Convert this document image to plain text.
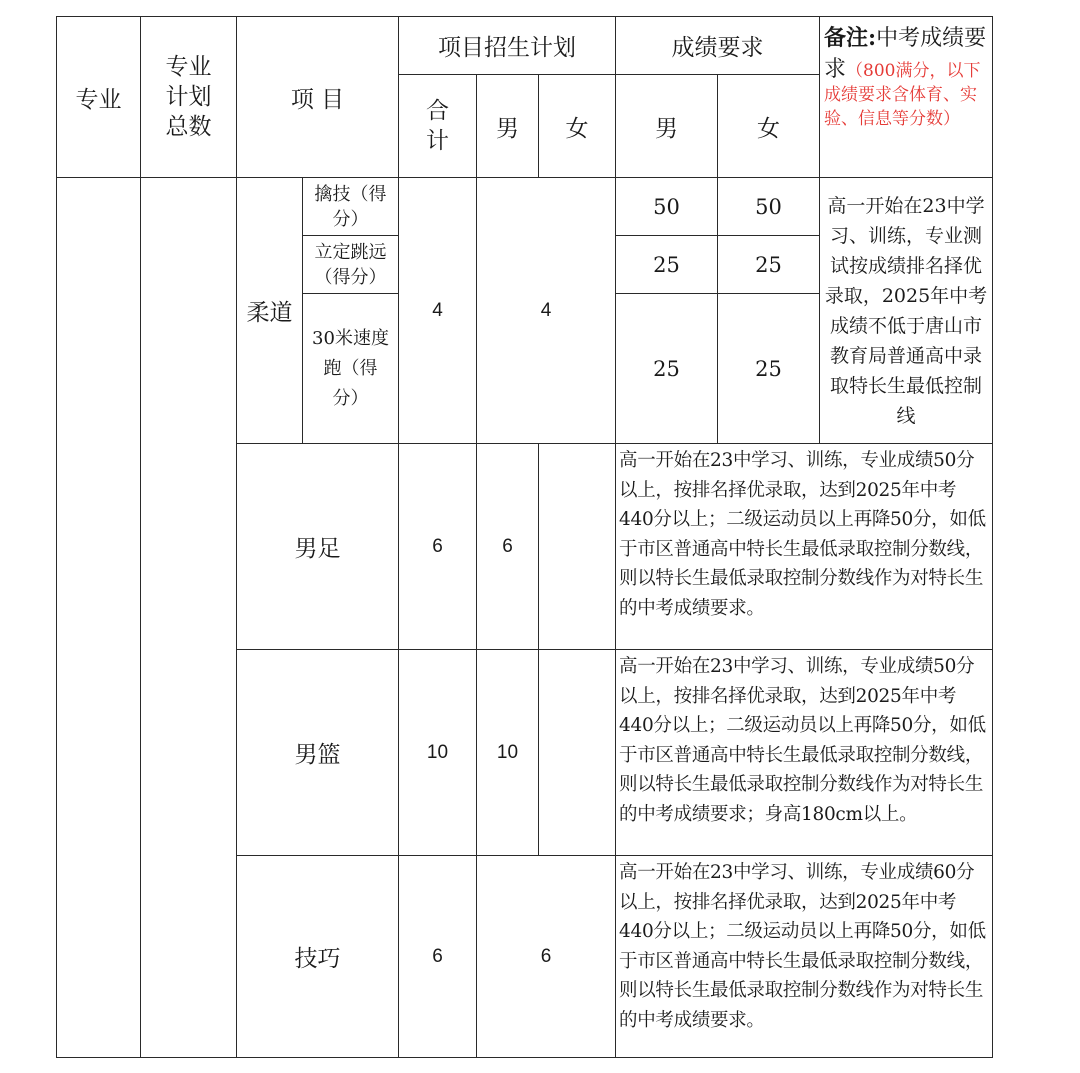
专业	专业计划总数	项 目		项目招生计划			成绩要求		备注:中考成绩要求（800满分，以下成绩要求含体育、实验、信息等分数）

				合计	男	女	男	女	
		柔道	擒技（得分）	4	4		50	50	高一开始在23中学习、训练，专业测试按成绩排名择优录取，2025年中考成绩不低于唐山市教育局普通高中录取特长生最低控制线

			立定跳远（得分）				25	25	

			30米速度跑（得分）				25	25	
		男足		6	6		高一开始在23中学习、训练，专业成绩50分以上，按排名择优录取，达到2025年中考440分以上；二级运动员以上再降50分，如低于市区普通高中特长生最低录取控制分数线，则以特长生最低录取控制分数线作为对特长生的中考成绩要求。		
		男篮		10	10		高一开始在23中学习、训练，专业成绩50分以上，按排名择优录取，达到2025年中考440分以上；二级运动员以上再降50分，如低于市区普通高中特长生最低录取控制分数线，则以特长生最低录取控制分数线作为对特长生的中考成绩要求；身高180cm以上。		
		技巧		6	6		高一开始在23中学习、训练，专业成绩60分以上，按排名择优录取，达到2025年中考440分以上；二级运动员以上再降50分，如低于市区普通高中特长生最低录取控制分数线，则以特长生最低录取控制分数线作为对特长生的中考成绩要求。		
